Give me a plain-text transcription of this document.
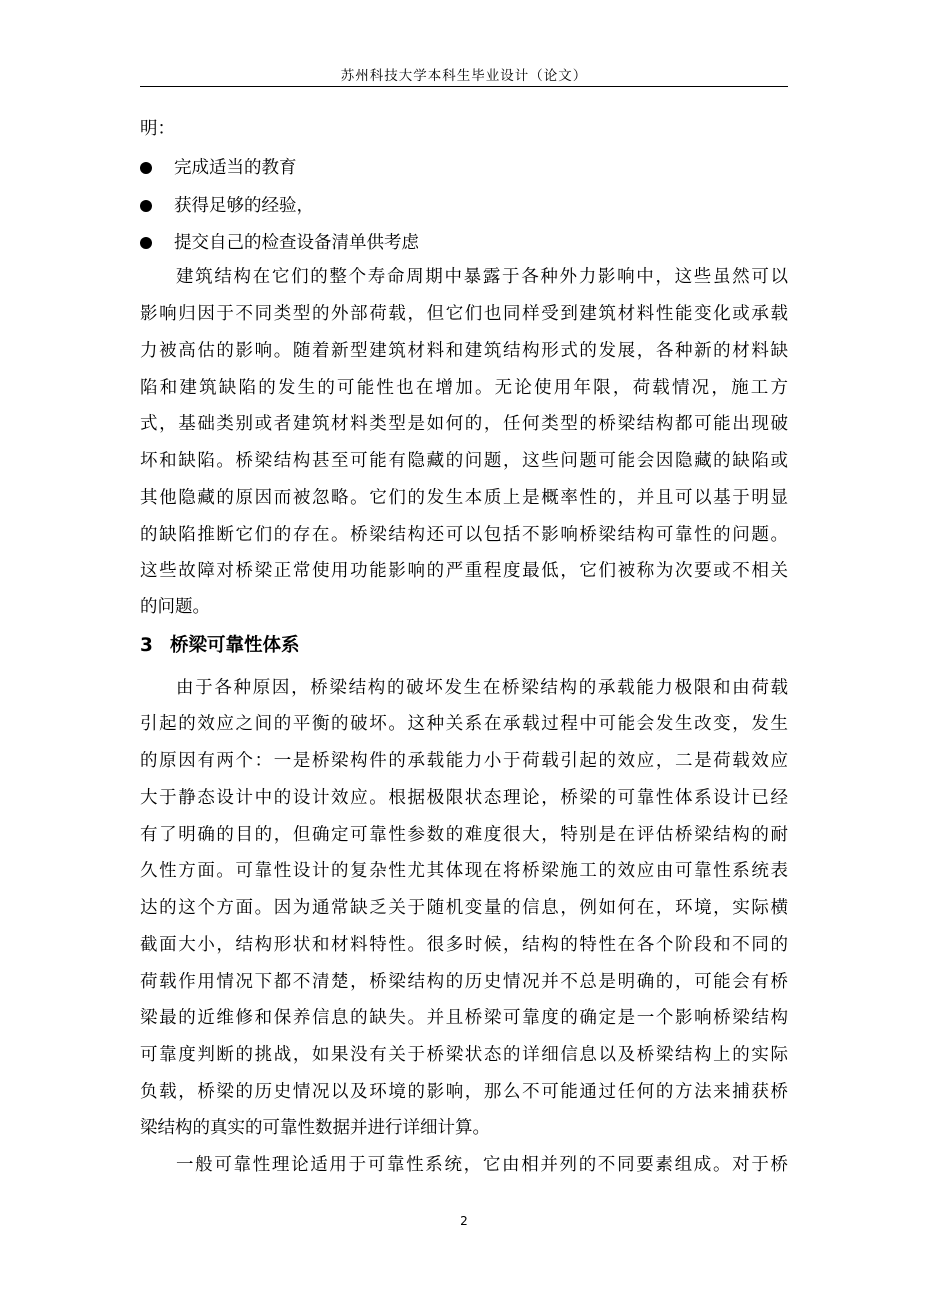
苏州科技大学本科生毕业设计（论文）
明：
完成适当的教育
获得足够的经验，
提交自己的检查设备清单供考虑
建筑结构在它们的整个寿命周期中暴露于各种外力影响中，这些虽然可以
影响归因于不同类型的外部荷载，但它们也同样受到建筑材料性能变化或承载
力被高估的影响。随着新型建筑材料和建筑结构形式的发展，各种新的材料缺
陷和建筑缺陷的发生的可能性也在增加。无论使用年限，荷载情况，施工方
式，基础类别或者建筑材料类型是如何的，任何类型的桥梁结构都可能出现破
坏和缺陷。桥梁结构甚至可能有隐藏的问题，这些问题可能会因隐藏的缺陷或
其他隐藏的原因而被忽略。它们的发生本质上是概率性的，并且可以基于明显
的缺陷推断它们的存在。桥梁结构还可以包括不影响桥梁结构可靠性的问题。
这些故障对桥梁正常使用功能影响的严重程度最低，它们被称为次要或不相关
的问题。
3 桥梁可靠性体系
由于各种原因，桥梁结构的破坏发生在桥梁结构的承载能力极限和由荷载
引起的效应之间的平衡的破坏。这种关系在承载过程中可能会发生改变，发生
的原因有两个：一是桥梁构件的承载能力小于荷载引起的效应，二是荷载效应
大于静态设计中的设计效应。根据极限状态理论，桥梁的可靠性体系设计已经
有了明确的目的，但确定可靠性参数的难度很大，特别是在评估桥梁结构的耐
久性方面。可靠性设计的复杂性尤其体现在将桥梁施工的效应由可靠性系统表
达的这个方面。因为通常缺乏关于随机变量的信息，例如何在，环境，实际横
截面大小，结构形状和材料特性。很多时候，结构的特性在各个阶段和不同的
荷载作用情况下都不清楚，桥梁结构的历史情况并不总是明确的，可能会有桥
梁最的近维修和保养信息的缺失。并且桥梁可靠度的确定是一个影响桥梁结构
可靠度判断的挑战，如果没有关于桥梁状态的详细信息以及桥梁结构上的实际
负载，桥梁的历史情况以及环境的影响，那么不可能通过任何的方法来捕获桥
梁结构的真实的可靠性数据并进行详细计算。
一般可靠性理论适用于可靠性系统，它由相并列的不同要素组成。对于桥
2
